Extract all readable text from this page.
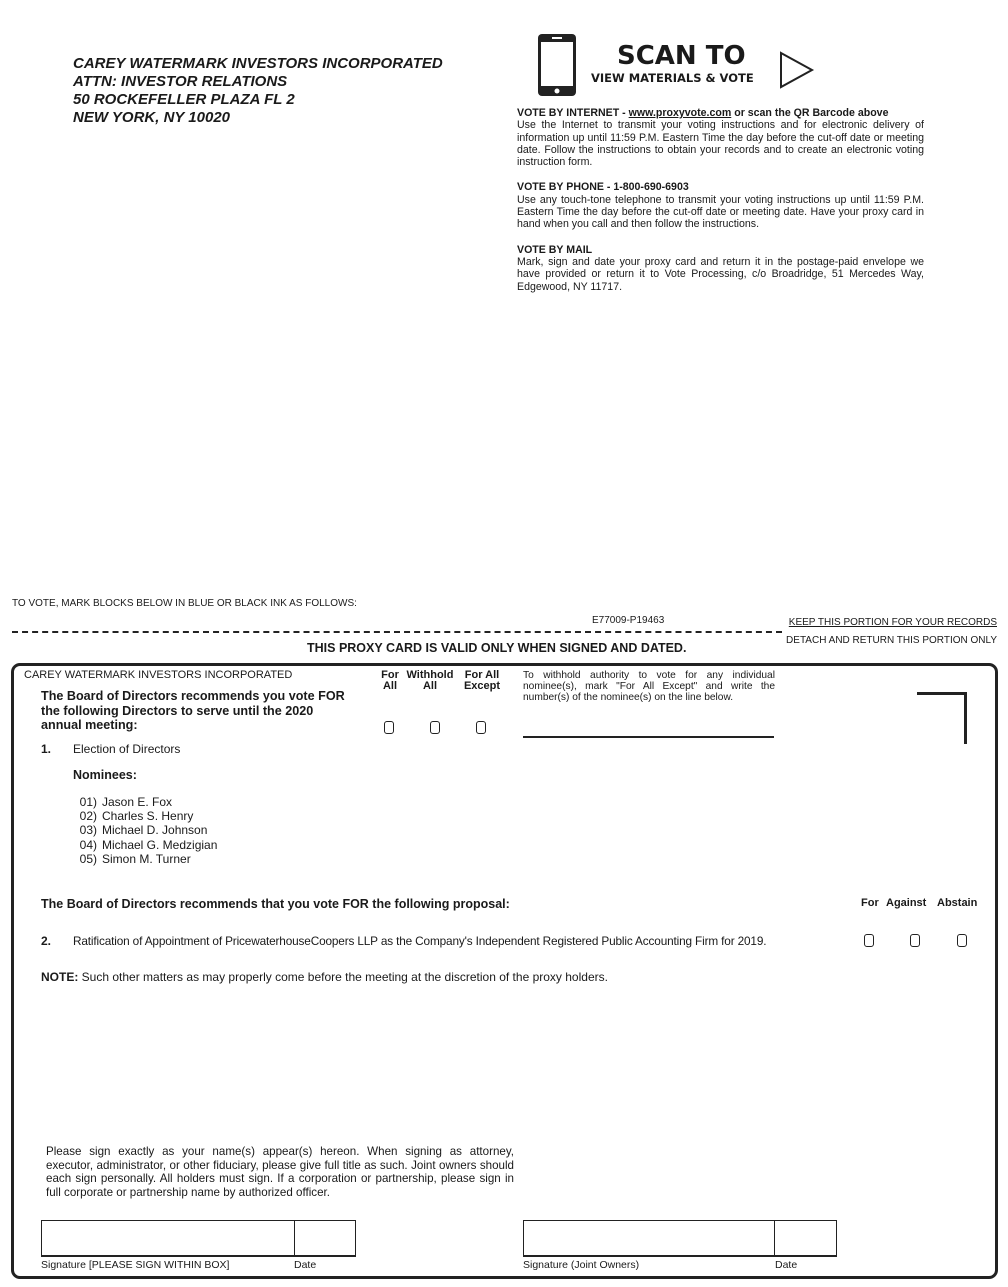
CAREY WATERMARK INVESTORS INCORPORATED
ATTN: INVESTOR RELATIONS
50 ROCKEFELLER PLAZA FL 2
NEW YORK, NY 10020
SCAN TO
VIEW MATERIALS & VOTE

VOTE BY INTERNET - www.proxyvote.com or scan the QR Barcode above
Use the Internet to transmit your voting instructions and for electronic delivery of information up until 11:59 P.M. Eastern Time the day before the cut-off date or meeting date. Follow the instructions to obtain your records and to create an electronic voting instruction form.

VOTE BY PHONE - 1-800-690-6903
Use any touch-tone telephone to transmit your voting instructions up until 11:59 P.M. Eastern Time the day before the cut-off date or meeting date. Have your proxy card in hand when you call and then follow the instructions.

VOTE BY MAIL
Mark, sign and date your proxy card and return it in the postage-paid envelope we have provided or return it to Vote Processing, c/o Broadridge, 51 Mercedes Way, Edgewood, NY 11717.

TO VOTE, MARK BLOCKS BELOW IN BLUE OR BLACK INK AS FOLLOWS:
E77009-P19463	KEEP THIS PORTION FOR YOUR RECORDS
DETACH AND RETURN THIS PORTION ONLY
THIS PROXY CARD IS VALID ONLY WHEN SIGNED AND DATED.
CAREY WATERMARK INVESTORS INCORPORATED
The Board of Directors recommends you vote FOR
the following Directors to serve until the 2020
annual meeting:
For
All
Withhold
All
For All
Except
To withhold authority to vote for any individual nominee(s), mark "For All Except" and write the number(s) of the nominee(s) on the line below.
1. Election of Directors
Nominees:
01) Jason E. Fox
02) Charles S. Henry
03) Michael D. Johnson
04) Michael G. Medzigian
05) Simon M. Turner
The Board of Directors recommends that you vote FOR the following proposal:	For Against Abstain
2. Ratification of Appointment of PricewaterhouseCoopers LLP as the Company's Independent Registered Public Accounting Firm for 2019.
NOTE: Such other matters as may properly come before the meeting at the discretion of the proxy holders.
Please sign exactly as your name(s) appear(s) hereon. When signing as attorney, executor, administrator, or other fiduciary, please give full title as such. Joint owners should each sign personally. All holders must sign. If a corporation or partnership, please sign in full corporate or partnership name by authorized officer.
Signature [PLEASE SIGN WITHIN BOX]	Date	Signature (Joint Owners)	Date
